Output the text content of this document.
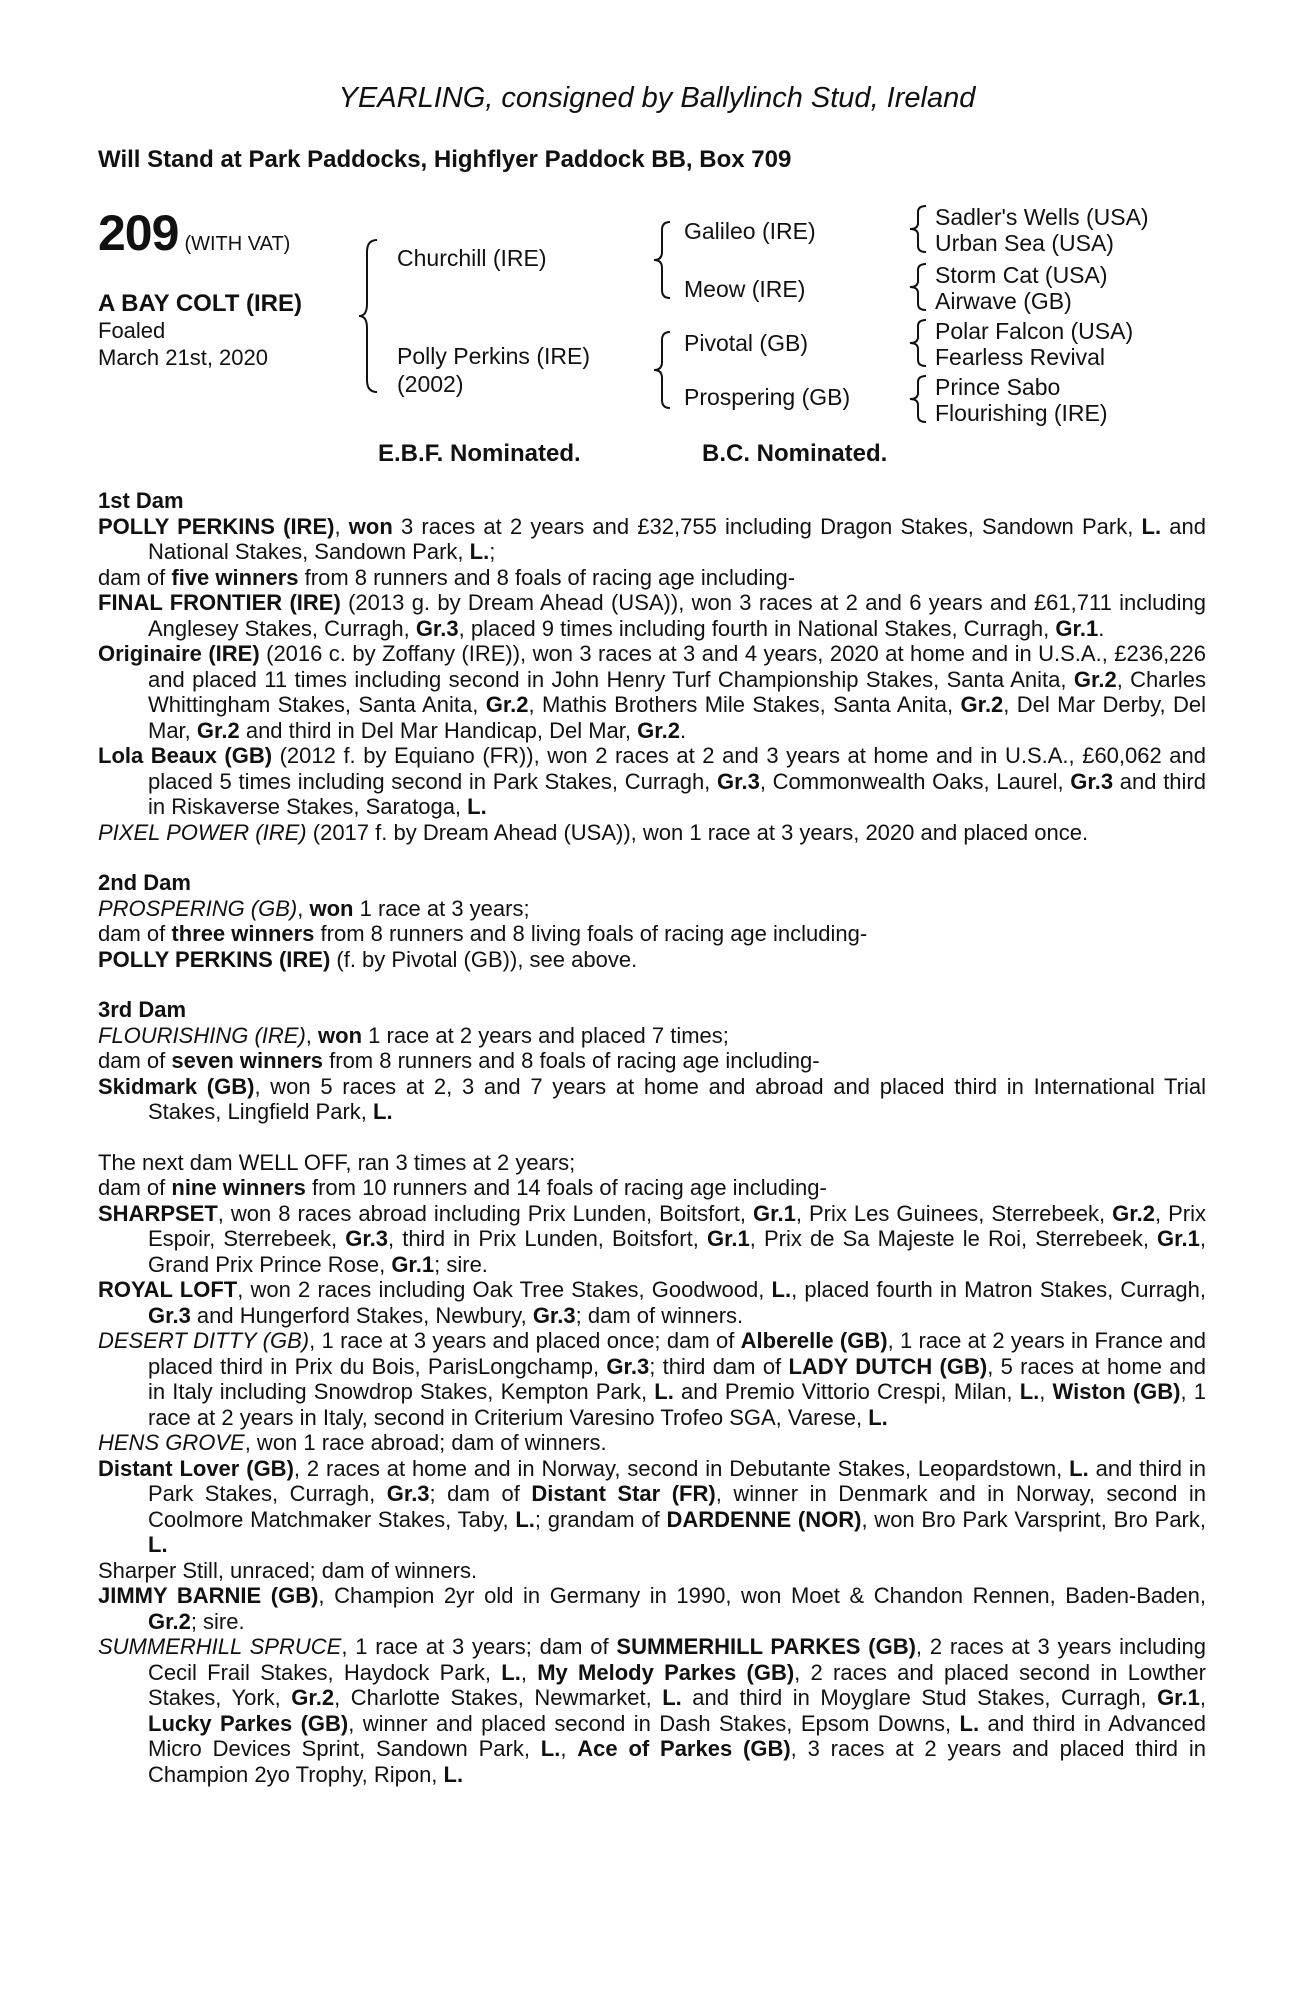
YEARLING, consigned by Ballylinch Stud, Ireland
Will Stand at Park Paddocks, Highflyer Paddock BB, Box 709
209 (WITH VAT)
A BAY COLT (IRE)
Foaled
March 21st, 2020
Churchill (IRE)
Polly Perkins (IRE)
(2002)
Galileo (IRE)
Meow (IRE)
Pivotal (GB)
Prospering (GB)
Sadler's Wells (USA)
Urban Sea (USA)
Storm Cat (USA)
Airwave (GB)
Polar Falcon (USA)
Fearless Revival
Prince Sabo
Flourishing (IRE)
E.B.F. Nominated.	B.C. Nominated.
1st Dam

POLLY PERKINS (IRE), won 3 races at 2 years and £32,755 including Dragon Stakes, Sandown Park, L. and National Stakes, Sandown Park, L.;

dam of five winners from 8 runners and 8 foals of racing age including-

FINAL FRONTIER (IRE) (2013 g. by Dream Ahead (USA)), won 3 races at 2 and 6 years and £61,711 including Anglesey Stakes, Curragh, Gr.3, placed 9 times including fourth in National Stakes, Curragh, Gr.1.

Originaire (IRE) (2016 c. by Zoffany (IRE)), won 3 races at 3 and 4 years, 2020 at home and in U.S.A., £236,226 and placed 11 times including second in John Henry Turf Championship Stakes, Santa Anita, Gr.2, Charles Whittingham Stakes, Santa Anita, Gr.2, Mathis Brothers Mile Stakes, Santa Anita, Gr.2, Del Mar Derby, Del Mar, Gr.2 and third in Del Mar Handicap, Del Mar, Gr.2.

Lola Beaux (GB) (2012 f. by Equiano (FR)), won 2 races at 2 and 3 years at home and in U.S.A., £60,062 and placed 5 times including second in Park Stakes, Curragh, Gr.3, Commonwealth Oaks, Laurel, Gr.3 and third in Riskaverse Stakes, Saratoga, L.

PIXEL POWER (IRE) (2017 f. by Dream Ahead (USA)), won 1 race at 3 years, 2020 and placed once.

2nd Dam

PROSPERING (GB), won 1 race at 3 years;

dam of three winners from 8 runners and 8 living foals of racing age including-

POLLY PERKINS (IRE) (f. by Pivotal (GB)), see above.

3rd Dam

FLOURISHING (IRE), won 1 race at 2 years and placed 7 times;

dam of seven winners from 8 runners and 8 foals of racing age including-

Skidmark (GB), won 5 races at 2, 3 and 7 years at home and abroad and placed third in International Trial Stakes, Lingfield Park, L.

The next dam WELL OFF, ran 3 times at 2 years;

dam of nine winners from 10 runners and 14 foals of racing age including-

SHARPSET, won 8 races abroad including Prix Lunden, Boitsfort, Gr.1, Prix Les Guinees, Sterrebeek, Gr.2, Prix Espoir, Sterrebeek, Gr.3, third in Prix Lunden, Boitsfort, Gr.1, Prix de Sa Majeste le Roi, Sterrebeek, Gr.1, Grand Prix Prince Rose, Gr.1; sire.

ROYAL LOFT, won 2 races including Oak Tree Stakes, Goodwood, L., placed fourth in Matron Stakes, Curragh, Gr.3 and Hungerford Stakes, Newbury, Gr.3; dam of winners.

DESERT DITTY (GB), 1 race at 3 years and placed once; dam of Alberelle (GB), 1 race at 2 years in France and placed third in Prix du Bois, ParisLongchamp, Gr.3; third dam of LADY DUTCH (GB), 5 races at home and in Italy including Snowdrop Stakes, Kempton Park, L. and Premio Vittorio Crespi, Milan, L., Wiston (GB), 1 race at 2 years in Italy, second in Criterium Varesino Trofeo SGA, Varese, L.

HENS GROVE, won 1 race abroad; dam of winners.

Distant Lover (GB), 2 races at home and in Norway, second in Debutante Stakes, Leopardstown, L. and third in Park Stakes, Curragh, Gr.3; dam of Distant Star (FR), winner in Denmark and in Norway, second in Coolmore Matchmaker Stakes, Taby, L.; grandam of DARDENNE (NOR), won Bro Park Varsprint, Bro Park, L.

Sharper Still, unraced; dam of winners.

JIMMY BARNIE (GB), Champion 2yr old in Germany in 1990, won Moet & Chandon Rennen, Baden-Baden, Gr.2; sire.

SUMMERHILL SPRUCE, 1 race at 3 years; dam of SUMMERHILL PARKES (GB), 2 races at 3 years including Cecil Frail Stakes, Haydock Park, L., My Melody Parkes (GB), 2 races and placed second in Lowther Stakes, York, Gr.2, Charlotte Stakes, Newmarket, L. and third in Moyglare Stud Stakes, Curragh, Gr.1, Lucky Parkes (GB), winner and placed second in Dash Stakes, Epsom Downs, L. and third in Advanced Micro Devices Sprint, Sandown Park, L., Ace of Parkes (GB), 3 races at 2 years and placed third in Champion 2yo Trophy, Ripon, L.
